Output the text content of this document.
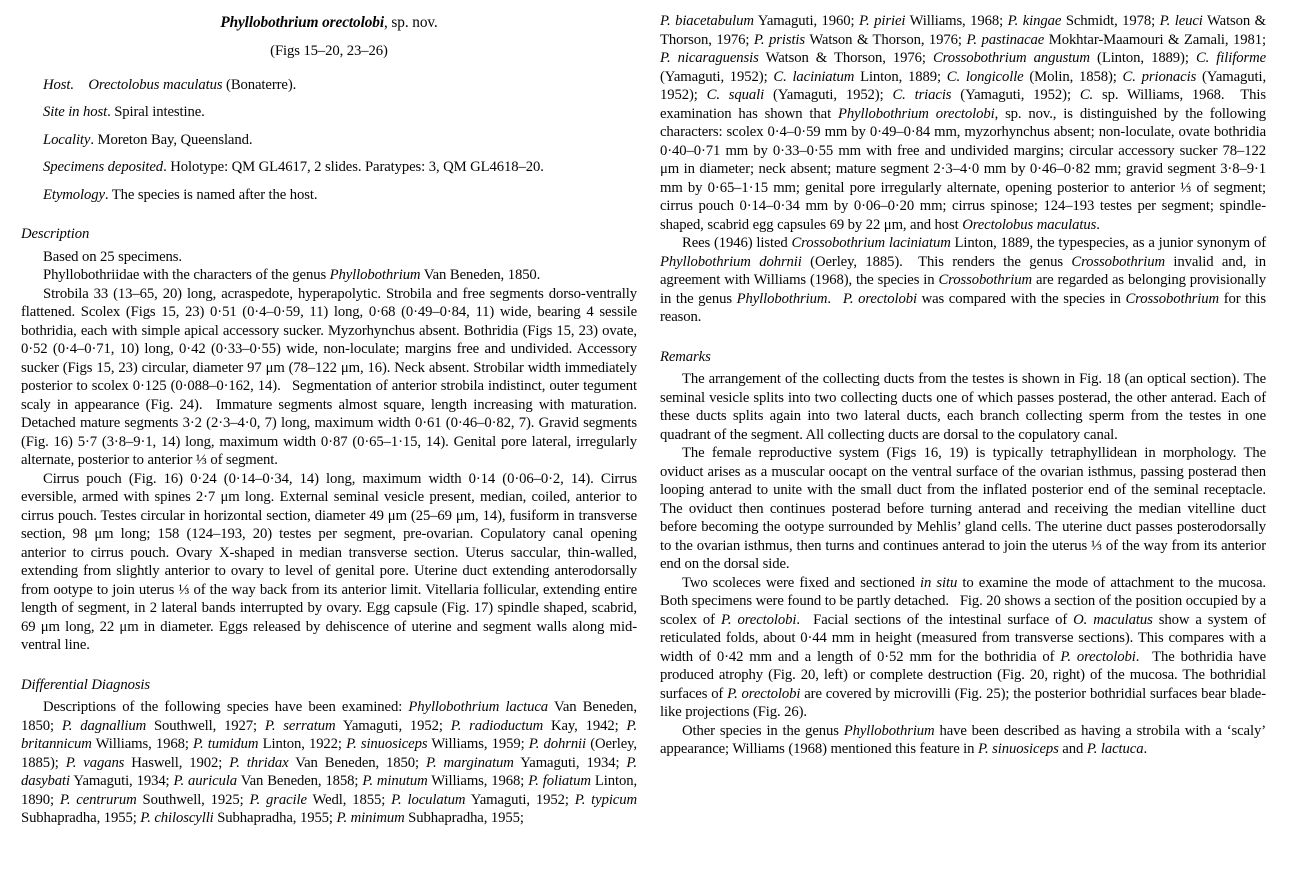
Phyllobothrium orectolobi, sp. nov.

(Figs 15–20, 23–26)

Host.   Orectolobus maculatus (Bonaterre).

Site in host. Spiral intestine.

Locality. Moreton Bay, Queensland.

Specimens deposited. Holotype: QM GL4617, 2 slides. Paratypes: 3, QM GL4618–20.

Etymology. The species is named after the host.

Description

Based on 25 specimens.

Phyllobothriidae with the characters of the genus Phyllobothrium Van Beneden, 1850.

Strobila 33 (13–65, 20) long, acraspedote, hyperapolytic. Strobila and free segments dorso-ventrally flattened. Scolex (Figs 15, 23) 0·51 (0·4–0·59, 11) long, 0·68 (0·49–0·84, 11) wide, bearing 4 sessile bothridia, each with simple apical accessory sucker. Myzorhynchus absent. Bothridia (Figs 15, 23) ovate, 0·52 (0·4–0·71, 10) long, 0·42 (0·33–0·55) wide, non-loculate; margins free and undivided. Accessory sucker (Figs 15, 23) circular, diameter 97 μm (78–122 μm, 16). Neck absent. Strobilar width immediately posterior to scolex 0·125 (0·088–0·162, 14).  Segmentation of anterior strobila indistinct, outer tegument scaly in appearance (Fig. 24).  Immature segments almost square, length increasing with maturation. Detached mature segments 3·2 (2·3–4·0, 7) long, maximum width 0·61 (0·46–0·82, 7). Gravid segments (Fig. 16) 5·7 (3·8–9·1, 14) long, maximum width 0·87 (0·65–1·15, 14). Genital pore lateral, irregularly alternate, posterior to anterior ⅓ of segment.

Cirrus pouch (Fig. 16) 0·24 (0·14–0·34, 14) long, maximum width 0·14 (0·06–0·2, 14). Cirrus eversible, armed with spines 2·7 μm long. External seminal vesicle present, median, coiled, anterior to cirrus pouch. Testes circular in horizontal section, diameter 49 μm (25–69 μm, 14), fusiform in transverse section, 98 μm long; 158 (124–193, 20) testes per segment, pre-ovarian. Copulatory canal opening anterior to cirrus pouch. Ovary X-shaped in median transverse section. Uterus saccular, thin-walled, extending from slightly anterior to ovary to level of genital pore. Uterine duct extending anterodorsally from ootype to join uterus ⅓ of the way back from its anterior limit. Vitellaria follicular, extending entire length of segment, in 2 lateral bands interrupted by ovary. Egg capsule (Fig. 17) spindle shaped, scabrid, 69 μm long, 22 μm in diameter. Eggs released by dehiscence of uterine and segment walls along mid-ventral line.

Differential Diagnosis

Descriptions of the following species have been examined: Phyllobothrium lactuca Van Beneden, 1850; P. dagnallium Southwell, 1927; P. serratum Yamaguti, 1952; P. radioductum Kay, 1942; P. britannicum Williams, 1968; P. tumidum Linton, 1922; P. sinuosiceps Williams, 1959; P. dohrnii (Oerley, 1885); P. vagans Haswell, 1902; P. thridax Van Beneden, 1850; P. marginatum Yamaguti, 1934; P. dasybati Yamaguti, 1934; P. auricula Van Beneden, 1858; P. minutum Williams, 1968; P. foliatum Linton, 1890; P. centrurum Southwell, 1925; P. gracile Wedl, 1855; P. loculatum Yamaguti, 1952; P. typicum Subhapradha, 1955; P. chiloscylli Subhapradha, 1955; P. minimum Subhapradha, 1955;

P. biacetabulum Yamaguti, 1960; P. piriei Williams, 1968; P. kingae Schmidt, 1978; P. leuci Watson & Thorson, 1976; P. pristis Watson & Thorson, 1976; P. pastinacae Mokhtar-Maamouri & Zamali, 1981; P. nicaraguensis Watson & Thorson, 1976; Crossobothrium angustum (Linton, 1889); C. filiforme (Yamaguti, 1952); C. laciniatum Linton, 1889; C. longicolle (Molin, 1858); C. prionacis (Yamaguti, 1952); C. squali (Yamaguti, 1952); C. triacis (Yamaguti, 1952); C. sp. Williams, 1968.  This examination has shown that Phyllobothrium orectolobi, sp. nov., is distinguished by the following characters: scolex 0·4–0·59 mm by 0·49–0·84 mm, myzorhynchus absent; non-loculate, ovate bothridia 0·40–0·71 mm by 0·33–0·55 mm with free and undivided margins; circular accessory sucker 78–122 μm in diameter; neck absent; mature segment 2·3–4·0 mm by 0·46–0·82 mm; gravid segment 3·8–9·1 mm by 0·65–1·15 mm; genital pore irregularly alternate, opening posterior to anterior ⅓ of segment; cirrus pouch 0·14–0·34 mm by 0·06–0·20 mm; cirrus spinose; 124–193 testes per segment; spindle-shaped, scabrid egg capsules 69 by 22 μm, and host Orectolobus maculatus.

Rees (1946) listed Crossobothrium laciniatum Linton, 1889, the typespecies, as a junior synonym of Phyllobothrium dohrnii (Oerley, 1885).  This renders the genus Crossobothrium invalid and, in agreement with Williams (1968), the species in Crossobothrium are regarded as belonging provisionally in the genus Phyllobothrium.  P. orectolobi was compared with the species in Crossobothrium for this reason.

Remarks

The arrangement of the collecting ducts from the testes is shown in Fig. 18 (an optical section). The seminal vesicle splits into two collecting ducts one of which passes posterad, the other anterad. Each of these ducts splits again into two lateral ducts, each branch collecting sperm from the testes in one quadrant of the segment. All collecting ducts are dorsal to the copulatory canal.

The female reproductive system (Figs 16, 19) is typically tetraphyllidean in morphology. The oviduct arises as a muscular oocapt on the ventral surface of the ovarian isthmus, passing posterad then looping anterad to unite with the small duct from the inflated posterior end of the seminal receptacle. The oviduct then continues posterad before turning anterad and receiving the median vitelline duct before becoming the ootype surrounded by Mehlis’ gland cells. The uterine duct passes posterodorsally to the ovarian isthmus, then turns and continues anterad to join the uterus ⅓ of the way from its anterior end on the dorsal side.

Two scoleces were fixed and sectioned in situ to examine the mode of attachment to the mucosa. Both specimens were found to be partly detached.  Fig. 20 shows a section of the position occupied by a scolex of P. orectolobi.  Facial sections of the intestinal surface of O. maculatus show a system of reticulated folds, about 0·44 mm in height (measured from transverse sections). This compares with a width of 0·42 mm and a length of 0·52 mm for the bothridia of P. orectolobi.  The bothridia have produced atrophy (Fig. 20, left) or complete destruction (Fig. 20, right) of the mucosa. The bothridial surfaces of P. orectolobi are covered by microvilli (Fig. 25); the posterior bothridial surfaces bear blade-like projections (Fig. 26).

Other species in the genus Phyllobothrium have been described as having a strobila with a ‘scaly’ appearance; Williams (1968) mentioned this feature in P. sinuosiceps and P. lactuca.
